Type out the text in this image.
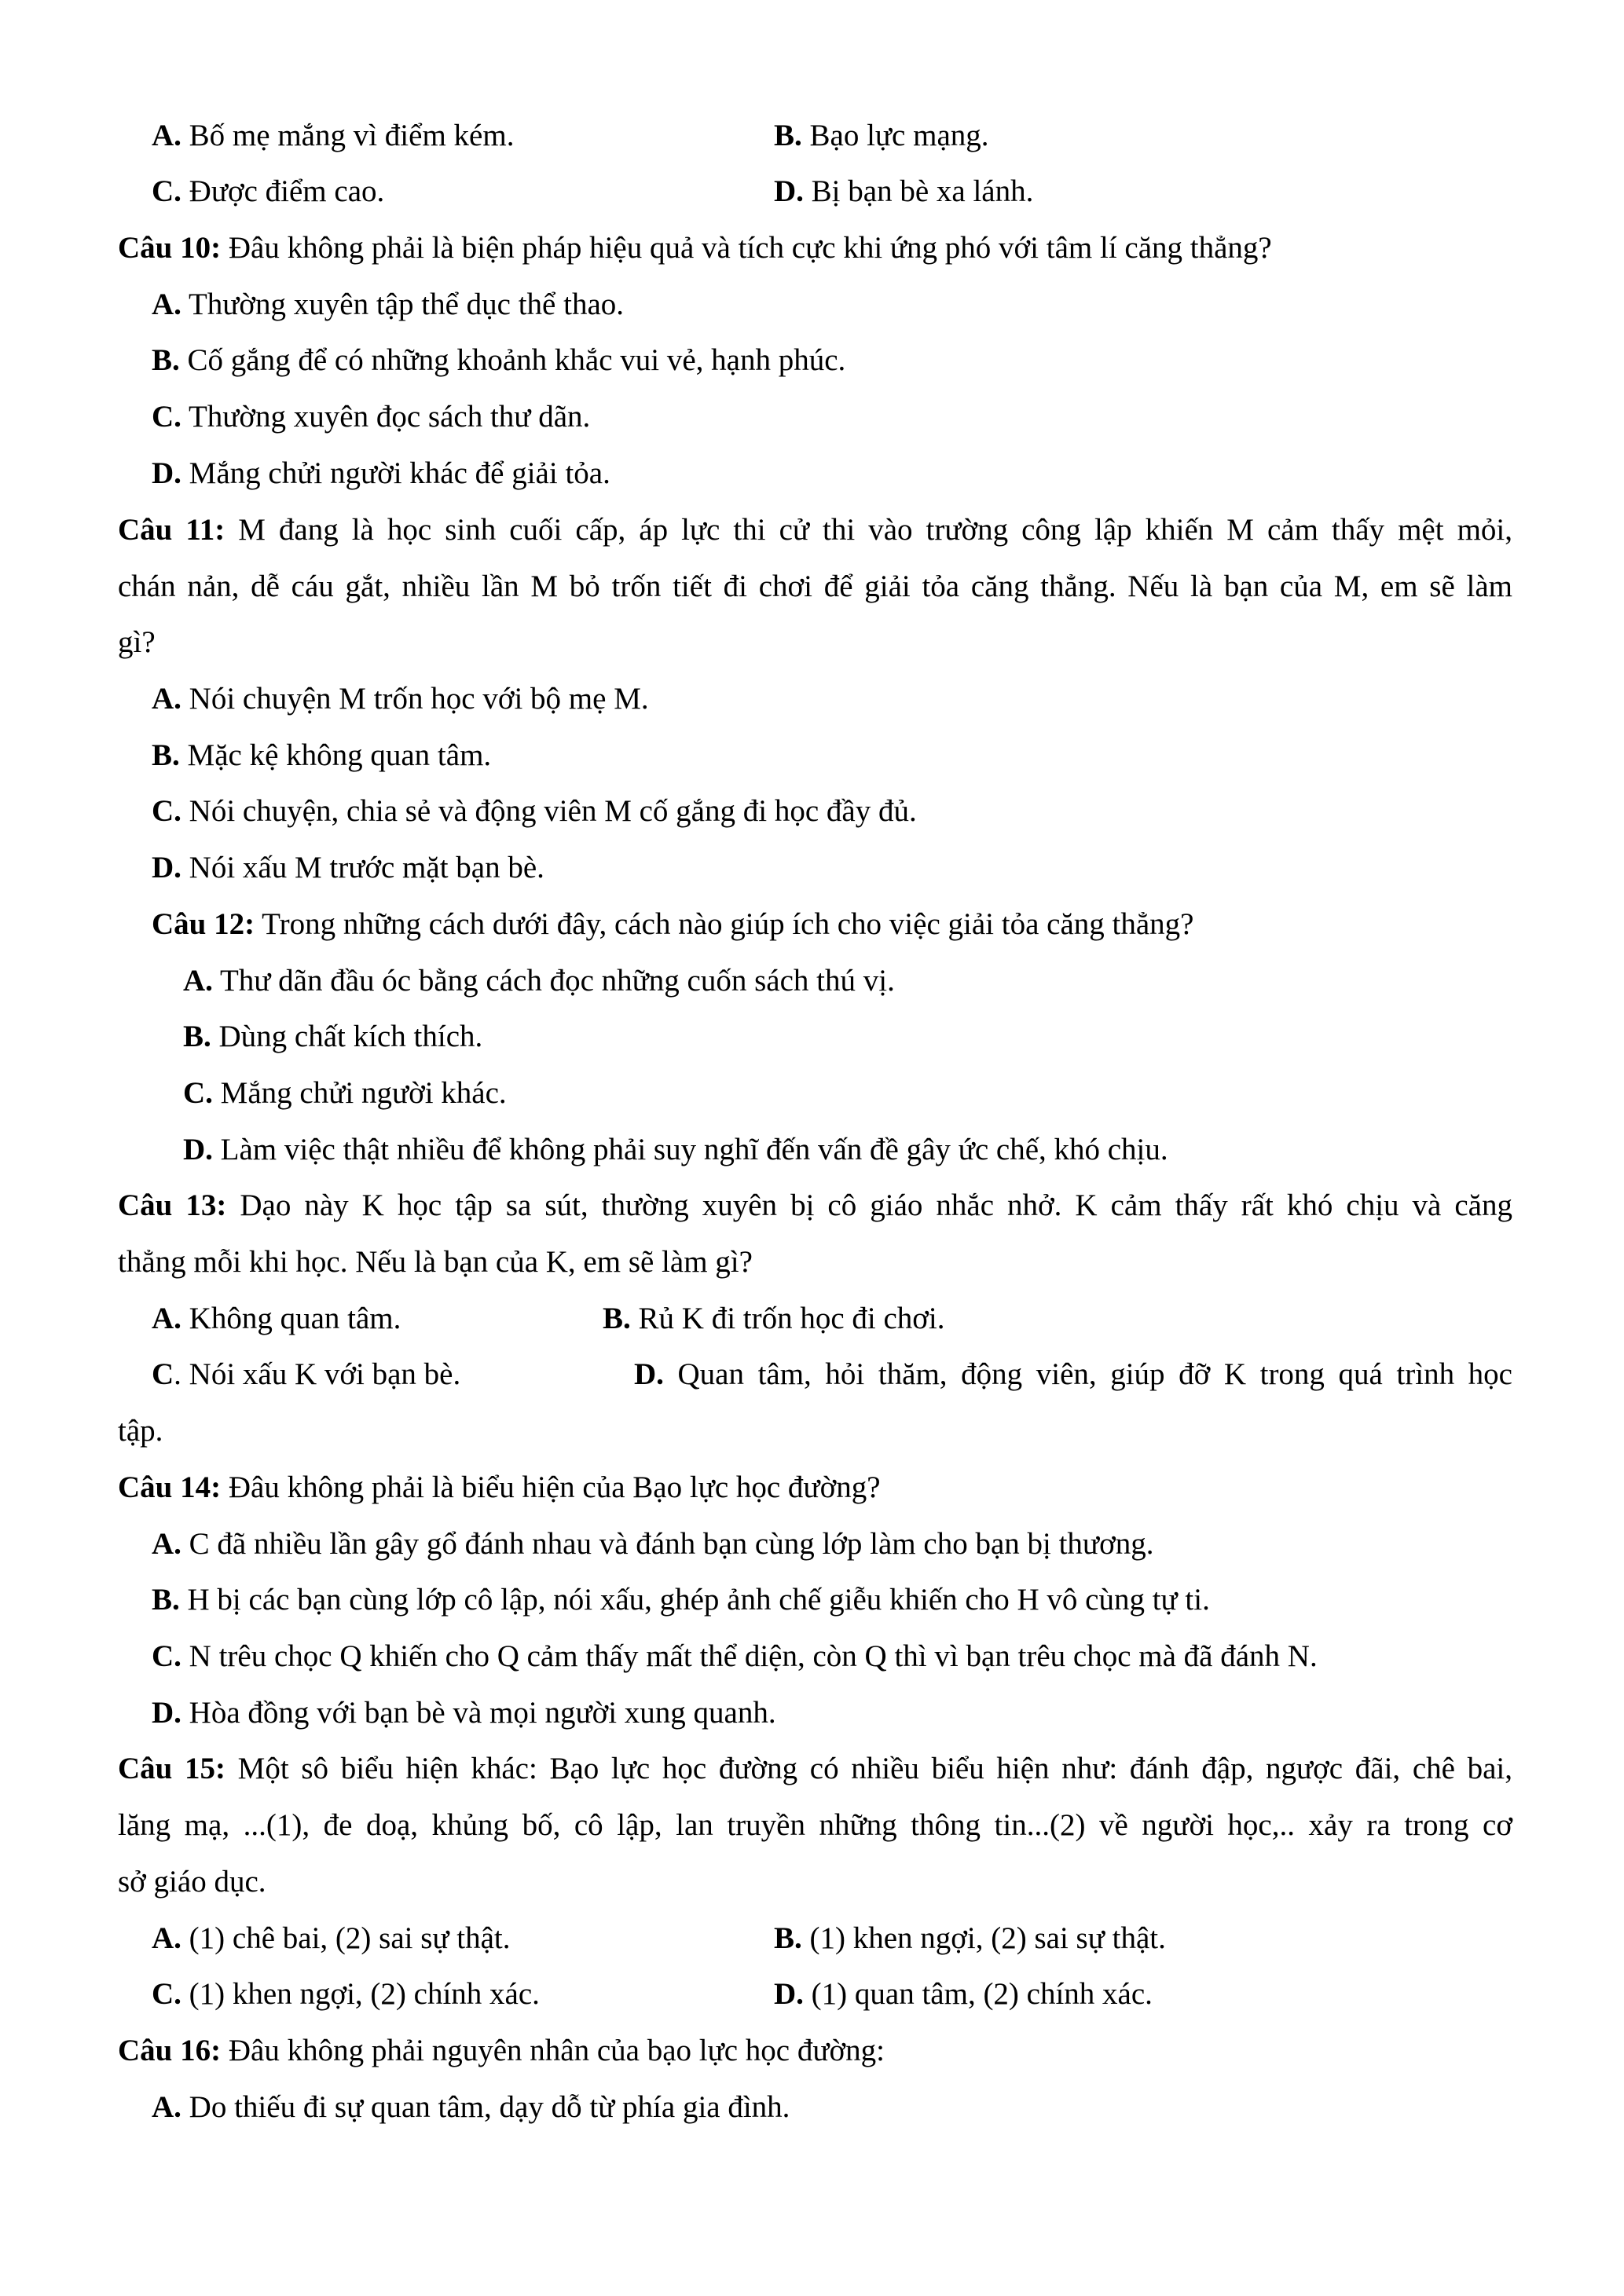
A. Bố mẹ mắng vì điểm kém.	B. Bạo lực mạng.
C. Được điểm cao.	D. Bị bạn bè xa lánh.
Câu 10: Đâu không phải là biện pháp hiệu quả và tích cực khi ứng phó với tâm lí căng thẳng?
A. Thường xuyên tập thể dục thể thao.
B. Cố gắng để có những khoảnh khắc vui vẻ, hạnh phúc.
C. Thường xuyên đọc sách thư dãn.
D. Mắng chửi người khác để giải tỏa.
Câu 11: M đang là học sinh cuối cấp, áp lực thi cử thi vào trường công lập khiến M cảm thấy mệt mỏi,
chán nản, dễ cáu gắt, nhiều lần M bỏ trốn tiết đi chơi để giải tỏa căng thẳng. Nếu là bạn của M, em sẽ làm
gì?
A. Nói chuyện M trốn học với bộ mẹ M.
B. Mặc kệ không quan tâm.
C. Nói chuyện, chia sẻ và động viên M cố gắng đi học đầy đủ.
D. Nói xấu M trước mặt bạn bè.
Câu 12: Trong những cách dưới đây, cách nào giúp ích cho việc giải tỏa căng thẳng?
A. Thư dãn đầu óc bằng cách đọc những cuốn sách thú vị.
B. Dùng chất kích thích.
C. Mắng chửi người khác.
D. Làm việc thật nhiều để không phải suy nghĩ đến vấn đề gây ức chế, khó chịu.
Câu 13: Dạo này K học tập sa sút, thường xuyên bị cô giáo nhắc nhở. K cảm thấy rất khó chịu và căng
thẳng mỗi khi học. Nếu là bạn của K, em sẽ làm gì?
A. Không quan tâm.	B. Rủ K đi trốn học đi chơi.
C. Nói xấu K với bạn bè.	D. Quan tâm, hỏi thăm, động viên, giúp đỡ K trong quá trình học
tập.
Câu 14: Đâu không phải là biểu hiện của Bạo lực học đường?
A. C đã nhiều lần gây gổ đánh nhau và đánh bạn cùng lớp làm cho bạn bị thương.
B. H bị các bạn cùng lớp cô lập, nói xấu, ghép ảnh chế giễu khiến cho H vô cùng tự ti.
C. N trêu chọc Q khiến cho Q cảm thấy mất thể diện, còn Q thì vì bạn trêu chọc mà đã đánh N.
D. Hòa đồng với bạn bè và mọi người xung quanh.
Câu 15: Một sô biểu hiện khác: Bạo lực học đường có nhiều biểu hiện như: đánh đập, ngược đãi, chê bai,
lăng mạ, ...(1), đe doạ, khủng bố, cô lập, lan truyền những thông tin...(2) về người học,.. xảy ra trong cơ
sở giáo dục.
A. (1) chê bai, (2) sai sự thật.	B. (1) khen ngợi, (2) sai sự thật.
C. (1) khen ngợi, (2) chính xác.	D. (1) quan tâm, (2) chính xác.
Câu 16: Đâu không phải nguyên nhân của bạo lực học đường:
A. Do thiếu đi sự quan tâm, dạy dỗ từ phía gia đình.
